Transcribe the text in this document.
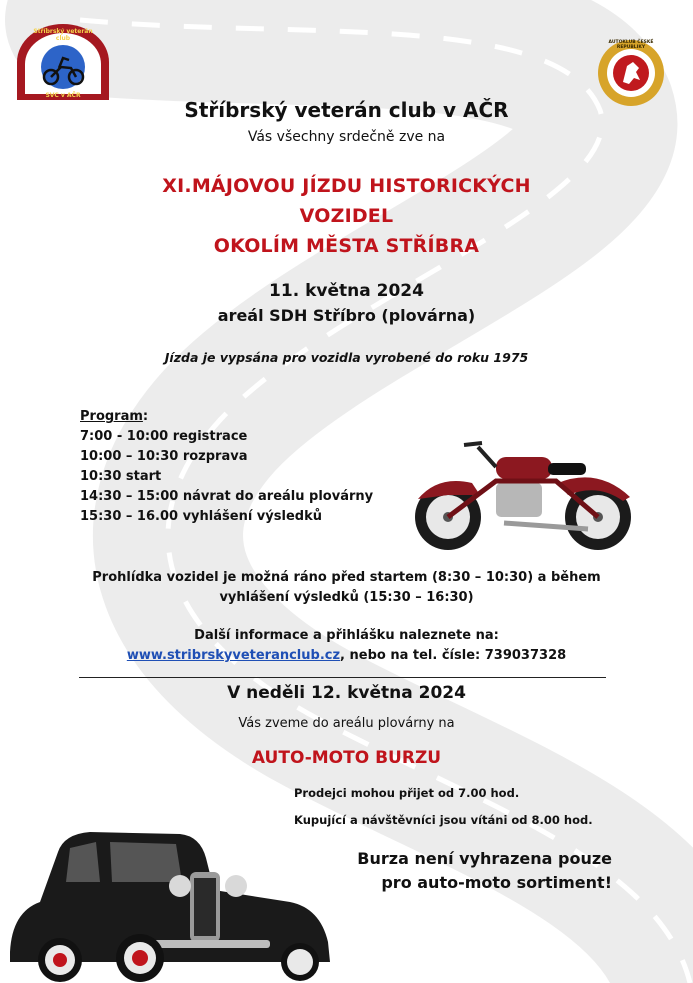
Stříbrský veterán club
SVC v AČR
AUTOKLUB ČESKÉ REPUBLIKY
Stříbrský veterán club v AČR
Vás všechny srdečně zve na
XI.MÁJOVOU JÍZDU HISTORICKÝCH
VOZIDEL
OKOLÍM MĚSTA STŘÍBRA
11. května 2024
areál SDH Stříbro (plovárna)
Jízda je vypsána pro vozidla vyrobené do roku 1975
Program:
7:00 - 10:00 registrace
10:00 – 10:30 rozprava
10:30 start
14:30 – 15:00 návrat do areálu plovárny
15:30 – 16.00 vyhlášení výsledků
Prohlídka vozidel je možná ráno před startem (8:30 – 10:30) a během
vyhlášení výsledků (15:30 – 16:30)
Další informace a přihlášku naleznete na:
www.stribrskyveteranclub.cz, nebo na tel. čísle: 739037328
V neděli 12. května 2024
Vás zveme do areálu plovárny na
AUTO-MOTO BURZU
Prodejci mohou přijet od 7.00 hod.
Kupující a návštěvníci jsou vítáni od 8.00 hod.
Burza není vyhrazena pouze
pro auto-moto sortiment!
